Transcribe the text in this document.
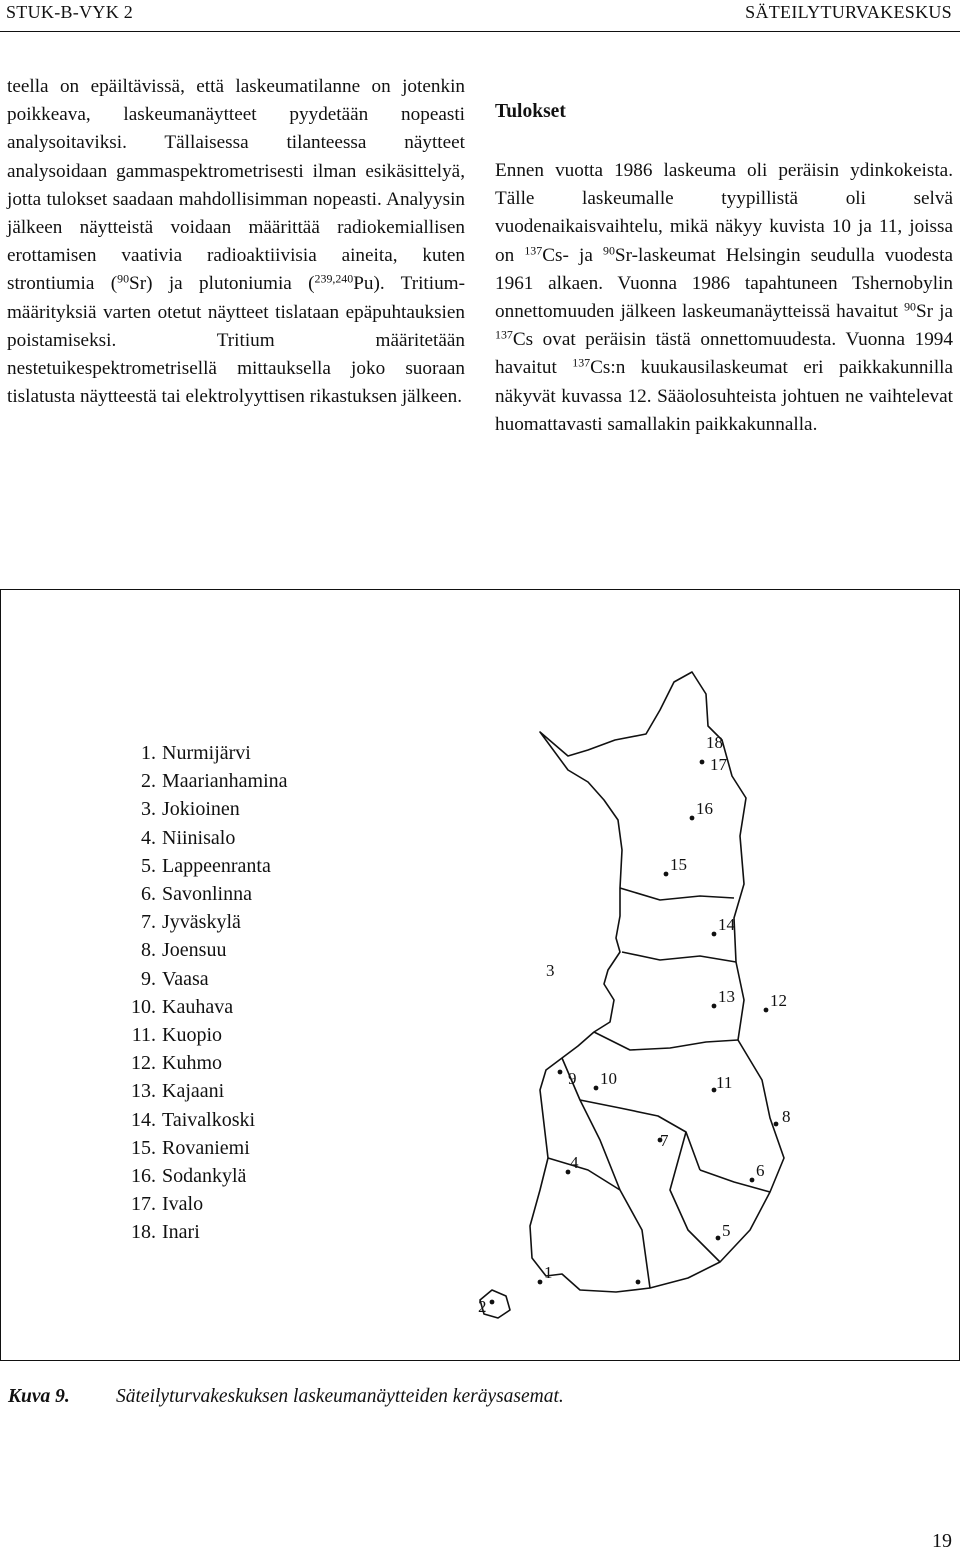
STUK-B-VYK 2	SÄTEILYTURVAKESKUS

teella on epäiltävissä, että laskeumatilanne on jotenkin poikkeava, laskeumanäytteet pyydetään nopeasti analysoitaviksi. Tällaisessa tilanteessa näytteet analysoidaan gammaspektrometrisesti ilman esikäsittelyä, jotta tulokset saadaan mahdollisimman nopeasti. Analyysin jälkeen näytteistä voidaan määrittää radiokemiallisen erottamisen vaativia radioaktiivisia aineita, kuten strontiumia ($^{90}$Sr) ja plutoniumia ($^{239,240}$Pu). Tritium-määrityksiä varten otetut näytteet tislataan epäpuhtauksien poistamiseksi. Tritium määritetään nestetuikespektrometrisellä mittauksella joko suoraan tislatusta näytteestä tai elektrolyyttisen rikastuksen jälkeen.

Tulokset

Ennen vuotta 1986 laskeuma oli peräisin ydinkokeista. Tälle laskeumalle tyypillistä oli selvä vuodenaikaisvaihtelu, mikä näkyy kuvista 10 ja 11, joissa on $^{137}$Cs- ja $^{90}$Sr-laskeumat Helsingin seudulla vuodesta 1961 alkaen. Vuonna 1986 tapahtuneen Tshernobylin onnettomuuden jälkeen laskeumanäytteissä havaitut $^{90}$Sr ja $^{137}$Cs ovat peräisin tästä onnettomuudesta. Vuonna 1994 havaitut $^{137}$Cs:n kuukausilaskeumat eri paikkakunnilla näkyvät kuvassa 12. Sääolosuhteista johtuen ne vaihtelevat huomattavasti samallakin paikkakunnalla.

1. Nurmijärvi
2. Maarianhamina
3. Jokioinen
4. Niinisalo
5. Lappeenranta
6. Savonlinna
7. Jyväskylä
8. Joensuu
9. Vaasa
10. Kauhava
11. Kuopio
12. Kuhmo
13. Kajaani
14. Taivalkoski
15. Rovaniemi
16. Sodankylä
17. Ivalo
18. Inari
18
17
16
15
14
3
13 12
10
9	11
8
7
4	6
5
1
2
Kuva 9. Säteilyturvakeskuksen laskeumanäytteiden keräysasemat.
19
